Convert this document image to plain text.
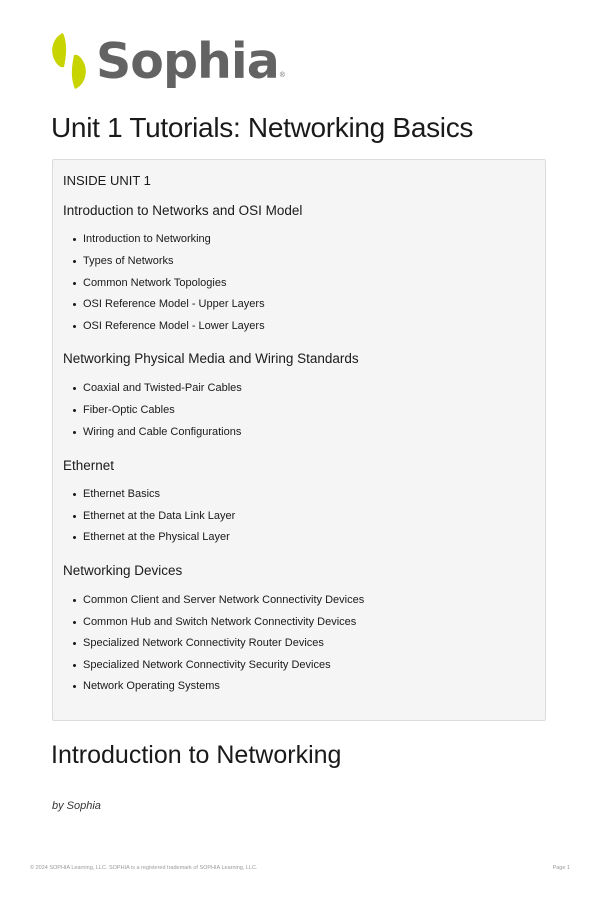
Sophia ®
Unit 1 Tutorials: Networking Basics
INSIDE UNIT 1
Introduction to Networks and OSI Model
Introduction to Networking
Types of Networks
Common Network Topologies
OSI Reference Model - Upper Layers
OSI Reference Model - Lower Layers
Networking Physical Media and Wiring Standards
Coaxial and Twisted-Pair Cables
Fiber-Optic Cables
Wiring and Cable Configurations
Ethernet
Ethernet Basics
Ethernet at the Data Link Layer
Ethernet at the Physical Layer
Networking Devices
Common Client and Server Network Connectivity Devices
Common Hub and Switch Network Connectivity Devices
Specialized Network Connectivity Router Devices
Specialized Network Connectivity Security Devices
Network Operating Systems
Introduction to Networking
by Sophia
© 2024 SOPHIA Learning, LLC. SOPHIA is a registered trademark of SOPHIA Learning, LLC.	Page 1
